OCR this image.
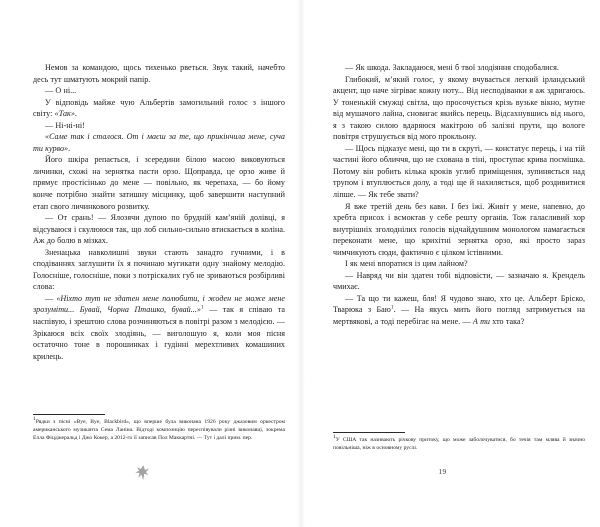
Немов за командою, щось тихенько рветься. Звук такий, начебто десь тут шматують мокрий папір.

— О ні...

У відповідь майже чую Альбертів замогильний голос з іншого світу: «Так».

— Ні-ні-ні!

«Саме так і сталося. От і маєш за те, що прикінчила мене, суча ти курво».

Його шкіра репається, і зсередини білою масою виковуються личинки, схожі на зернятка пасти орзо. Щоправда, це орзо живе й прямує простісінько до мене — повільно, як черепаха, — бо йому конче потрібно знайти затишну місцинку, щоб завершити наступний етап свого личинкового розвитку.

— От срань! — Ялозячи дупою по брудній кам’яній долівці, я відсуваюся і скулююся так, що лоб сильно-сильно втискається в коліна. Аж до болю в мізках.

Зненацька навколишні звуки стають занадто гучними, і в сподіваннях заглушити їх я починаю мугикати одну знайому мелодію. Голосніше, голосніше, поки з потріскалих губ не зриваються розбірливі слова:

— «Ніхто тут не здатен мене полюбити, і жоден не може мене зрозуміти... Бувай, Чорна Пташко, бувай...»$^1$ — так я співаю та наспівую, і зрештою слова розчиняються в повітрі разом з мелодією. — Зрікаюся всіх своїх злодіянь, — виголошую я, коли моя пісня остаточно тоне в порошинках і гудінні мерехтливих комашиних крилець.

$^1$Рядки з пісні «Bye, Bye, Blackbird», що вперше була виконана 1926 року джазовим оркестром американського музиканта Сема Ланіна. Відтоді композицію переспівували різні виконавці, зокрема Елла Фіцджеральд і Джо Кокер, а 2012-го її записав Пол Маккартні. — Тут і далі прим. пер.

— Як шкода. Закладаюся, мені б твої злодіяння сподобалися.

Глибокий, м’який голос, у якому вчувається легкий ірландський акцент, що наче зігріває кожну ноту... Від несподіванки я аж здригаюсь. У тоненькій смужці світла, що просочується крізь вузьке вікно, мутне від мушачого лайна, сновигає якийсь перець. Відсахнувшись від нього, я з такою силою вдаряюся макітрою об залізні прути, що вологе повітря струшується від мого прокльону.

— Щось підказує мені, що ти в скруті, — констатує перець, і на тій частині його обличчя, що не схована в тіні, проступає крива посмішка. Потому він робить кілька кроків углиб приміщення, зупиняється над трупом і втуплюється долу, а тоді ще й нахиляється, щоб роздивитися ліпше. — Як тебе звати?

Я вже третій день без кави. І без їжі. Живіт у мене, напевно, до хребта присох і всмоктав у себе решту органів. Тож галасливий хор внутрішніх зголоднілих голосів відчайдушним монологом намагається переконати мене, що крихітні зернятка орзо, які просто зараз чимчикують сюди, фактично є цілком їстівними.

І як мені впоратися із цим лайном?

— Навряд чи він здатен тобі відповісти, — зазначаю я. Крендель чмихає.

— Та що ти кажеш, бля! Я чудово знаю, хто це. Альберт Бріско, Тварюка з Баю$^1$. — На якусь мить його погляд затримується на мертвякові, а тоді перебігає на мене. — А ти хто така?

$^1$У США так називають річкову притоку, що може заболочуватися, бо течія там млява й значно повільніша, ніж в основному руслі.

19
